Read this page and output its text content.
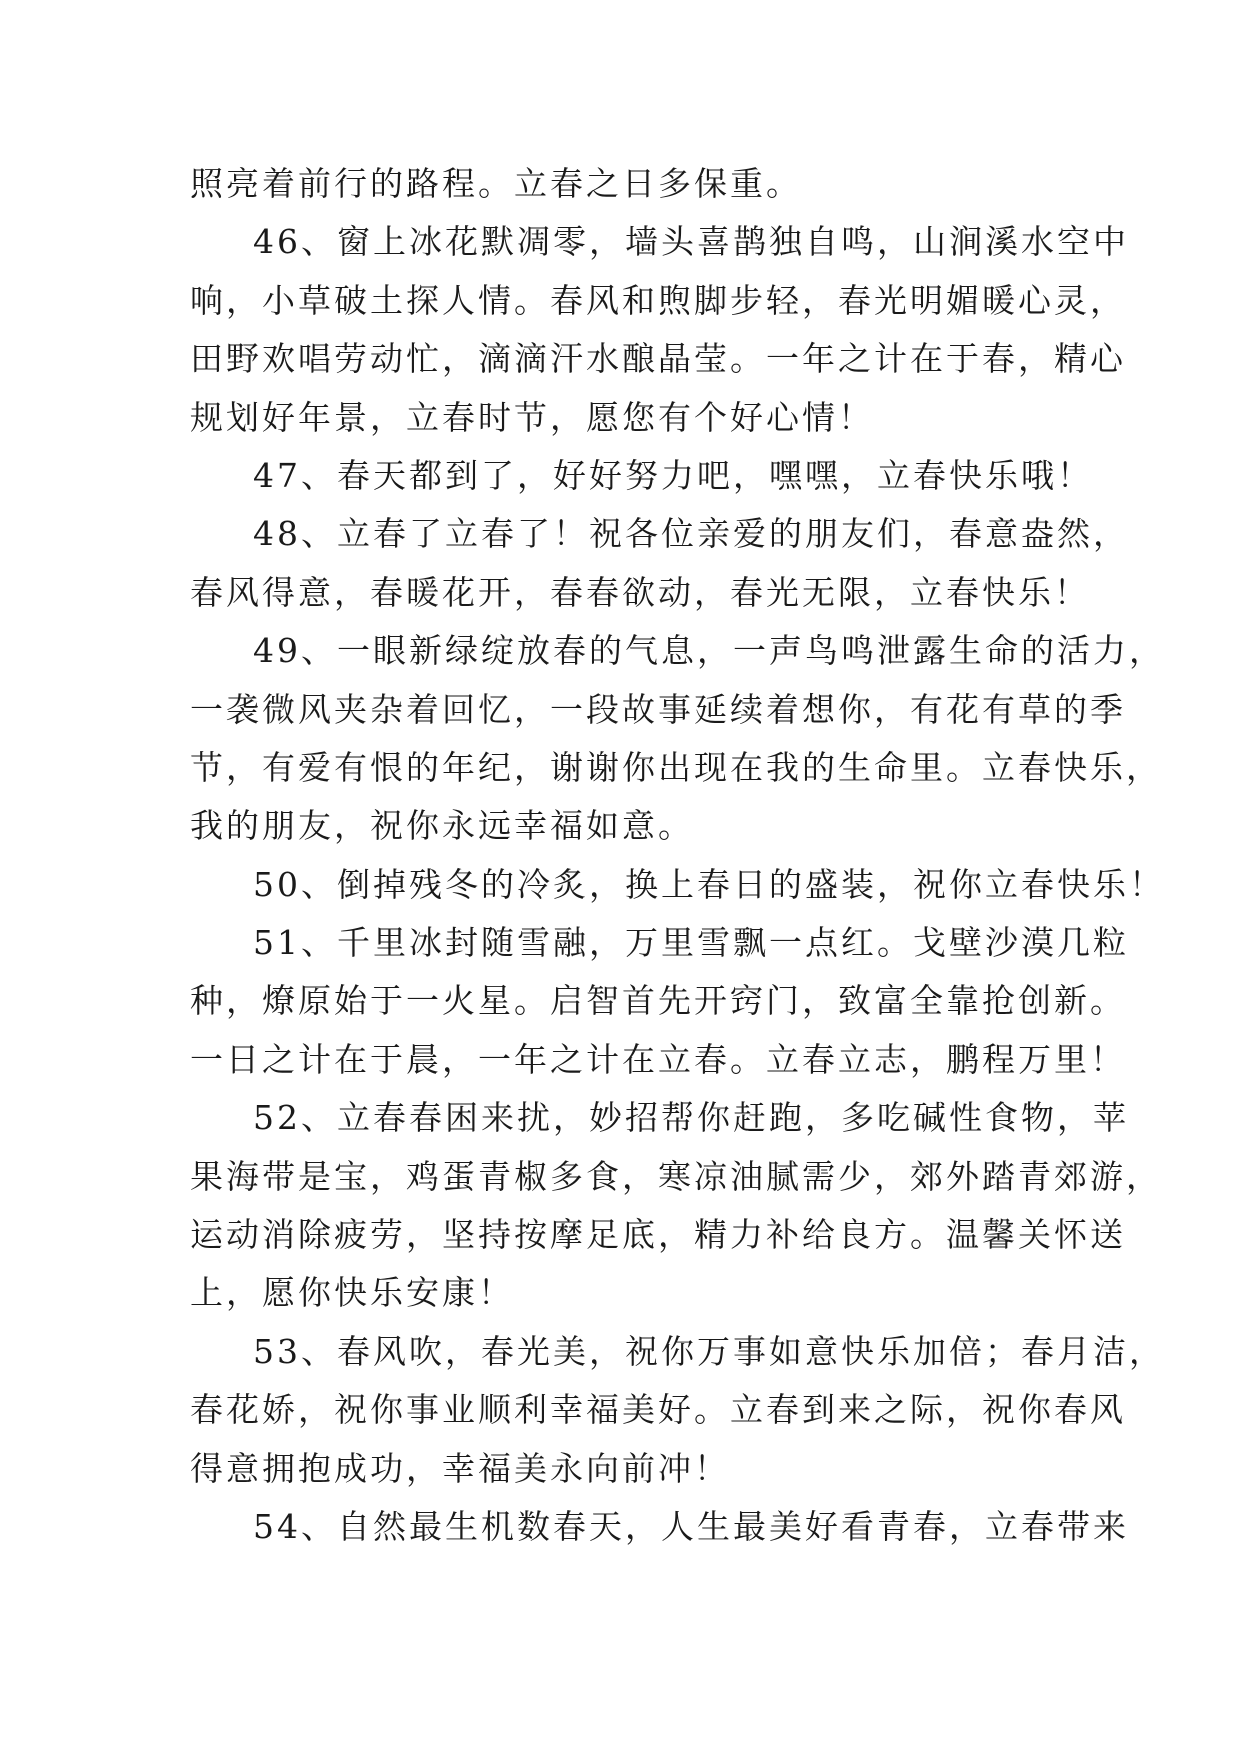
照亮着前行的路程。立春之日多保重。
46、窗上冰花默凋零，墙头喜鹊独自鸣，山涧溪水空中
响，小草破土探人情。春风和煦脚步轻，春光明媚暖心灵，
田野欢唱劳动忙，滴滴汗水酿晶莹。一年之计在于春，精心
规划好年景，立春时节，愿您有个好心情！
47、春天都到了，好好努力吧，嘿嘿，立春快乐哦！
48、立春了立春了！祝各位亲爱的朋友们，春意盎然，
春风得意，春暖花开，春春欲动，春光无限，立春快乐！
49、一眼新绿绽放春的气息，一声鸟鸣泄露生命的活力，
一袭微风夹杂着回忆，一段故事延续着想你，有花有草的季
节，有爱有恨的年纪，谢谢你出现在我的生命里。立春快乐，
我的朋友，祝你永远幸福如意。
50、倒掉残冬的冷炙，换上春日的盛装，祝你立春快乐！
51、千里冰封随雪融，万里雪飘一点红。戈壁沙漠几粒
种，燎原始于一火星。启智首先开窍门，致富全靠抢创新。
一日之计在于晨，一年之计在立春。立春立志，鹏程万里！
52、立春春困来扰，妙招帮你赶跑，多吃碱性食物，苹
果海带是宝，鸡蛋青椒多食，寒凉油腻需少，郊外踏青郊游，
运动消除疲劳，坚持按摩足底，精力补给良方。温馨关怀送
上，愿你快乐安康！
53、春风吹，春光美，祝你万事如意快乐加倍；春月洁，
春花娇，祝你事业顺利幸福美好。立春到来之际，祝你春风
得意拥抱成功，幸福美永向前冲！
54、自然最生机数春天，人生最美好看青春，立春带来
